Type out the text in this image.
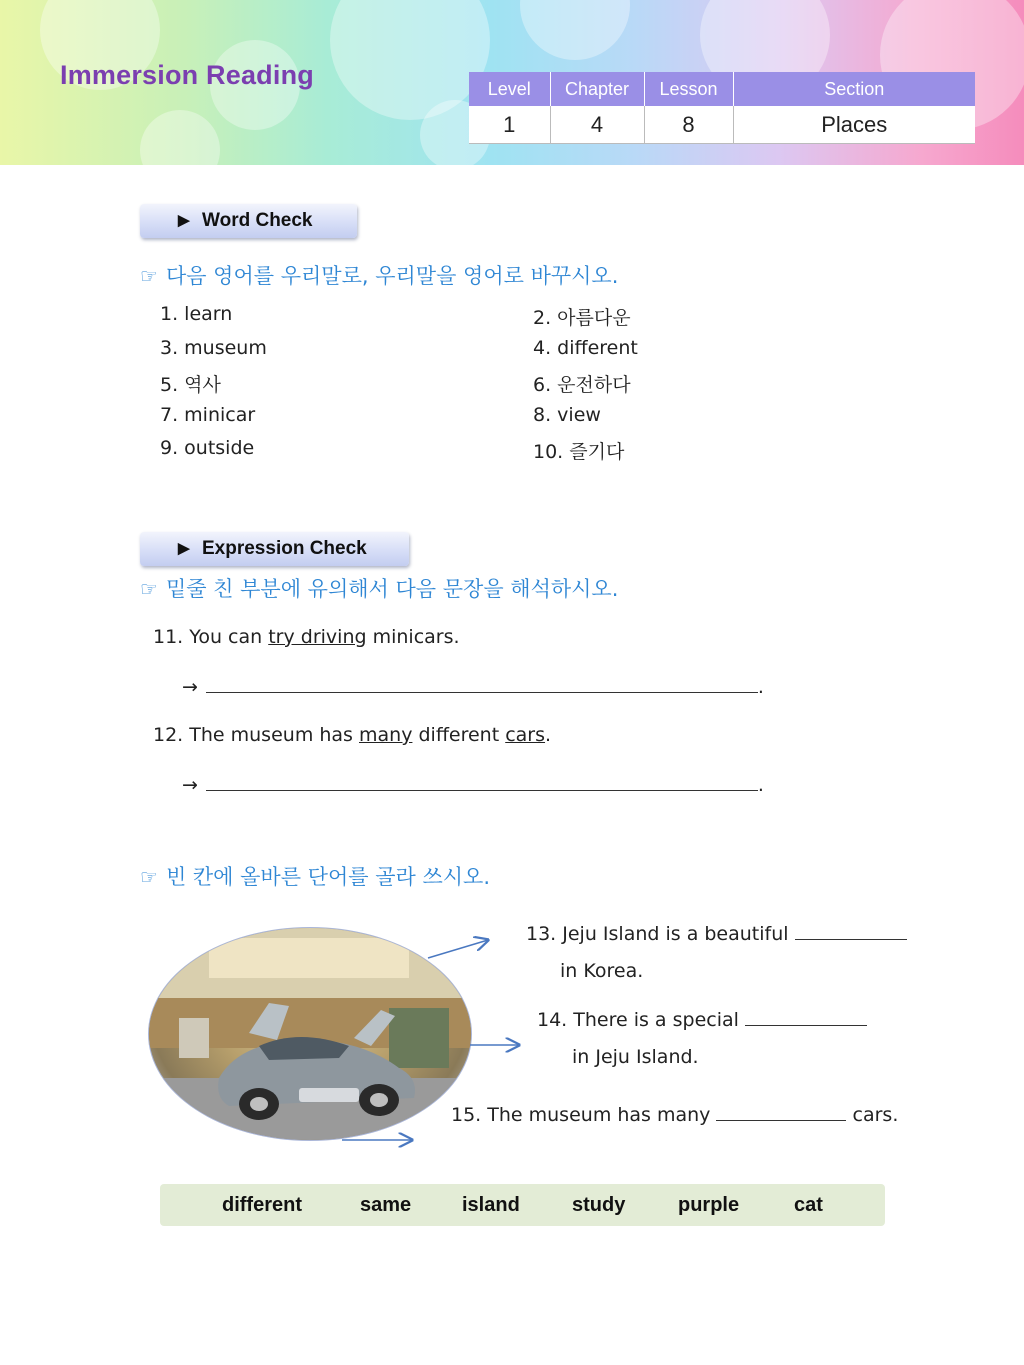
Immersion Reading	Level	Chapter	Lesson	Section
1	4	8	Places
▶ Word Check
☞ 다음 영어를 우리말로, 우리말을 영어로 바꾸시오.
1. learn	2. 아름다운
3. museum	4. different
5. 역사	6. 운전하다
7. minicar	8. view
9. outside	10. 즐기다
▶ Expression Check
☞ 밑줄 친 부분에 유의해서 다음 문장을 해석하시오.
11. You can try driving minicars.
→	.
12. The museum has many different cars.
→	.
☞ 빈 칸에 올바른 단어를 골라 쓰시오.
13. Jeju Island is a beautiful
in Korea.
14. There is a special
in Jeju Island.
15. The museum has many	cars.
different	same	island	study	purple	cat
